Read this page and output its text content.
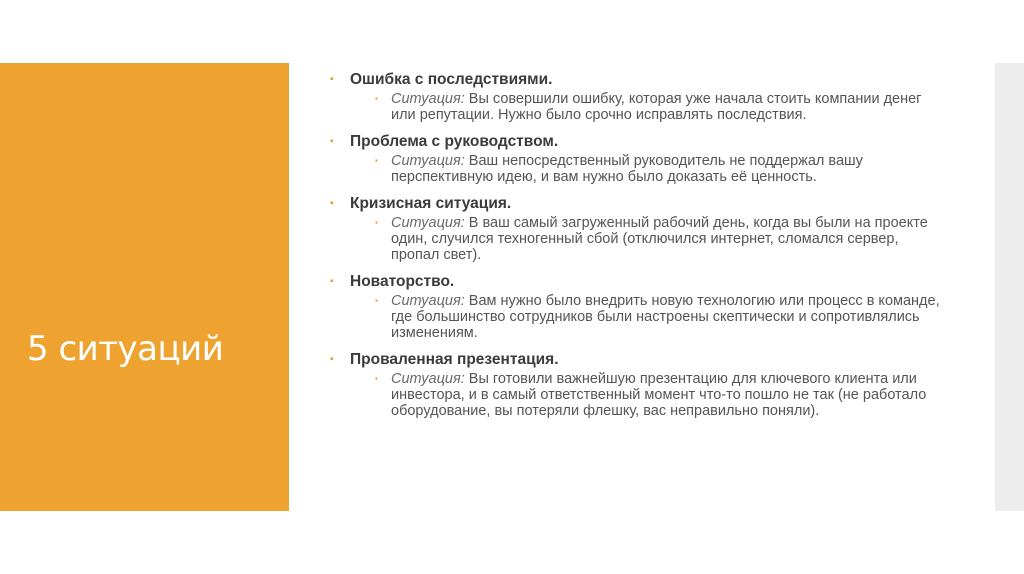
5 ситуаций
▪ Ошибка с последствиями.
▪ Ситуация: Вы совершили ошибку, которая уже начала стоить компании денег или репутации. Нужно было срочно исправлять последствия.
▪ Проблема с руководством.
▪ Ситуация: Ваш непосредственный руководитель не поддержал вашу перспективную идею, и вам нужно было доказать её ценность.
▪ Кризисная ситуация.
▪ Ситуация: В ваш самый загруженный рабочий день, когда вы были на проекте один, случился техногенный сбой (отключился интернет, сломался сервер, пропал свет).
▪ Новаторство.
▪ Ситуация: Вам нужно было внедрить новую технологию или процесс в команде, где большинство сотрудников были настроены скептически и сопротивлялись изменениям.
▪ Проваленная презентация.
▪ Ситуация: Вы готовили важнейшую презентацию для ключевого клиента или инвестора, и в самый ответственный момент что-то пошло не так (не работало оборудование, вы потеряли флешку, вас неправильно поняли).
